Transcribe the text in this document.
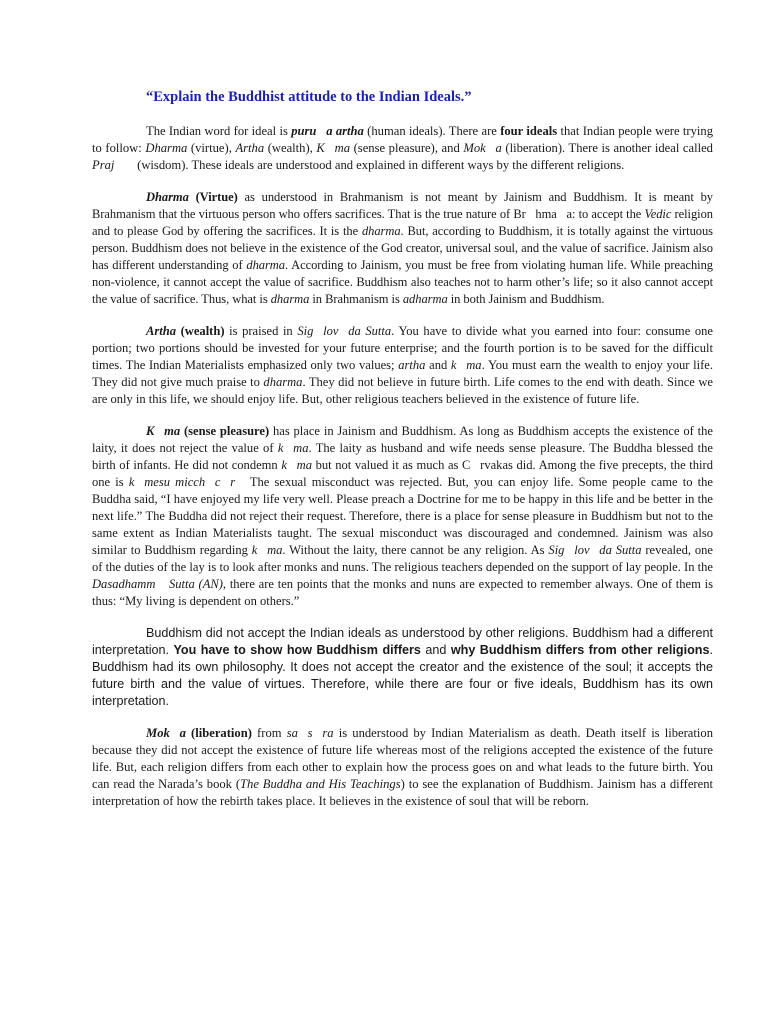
“Explain the Buddhist attitude to the Indian Ideals.”

The Indian word for ideal is puru a artha (human ideals). There are four ideals that Indian people were trying to follow: Dharma (virtue), Artha (wealth), K ma (sense pleasure), and Mok a (liberation). There is another ideal called Praj   (wisdom). These ideals are understood and explained in different ways by the different religions.

Dharma (Virtue) as understood in Brahmanism is not meant by Jainism and Buddhism. It is meant by Brahmanism that the virtuous person who offers sacrifices. That is the true nature of Br hma a: to accept the Vedic religion and to please God by offering the sacrifices. It is the dharma. But, according to Buddhism, it is totally against the virtuous person. Buddhism does not believe in the existence of the God creator, universal soul, and the value of sacrifice. Jainism also has different understanding of dharma. According to Jainism, you must be free from violating human life. While preaching non-violence, it cannot accept the value of sacrifice. Buddhism also teaches not to harm other’s life; so it also cannot accept the value of sacrifice. Thus, what is dharma in Brahmanism is adharma in both Jainism and Buddhism.

Artha (wealth) is praised in Sig lov da Sutta. You have to divide what you earned into four: consume one portion; two portions should be invested for your future enterprise; and the fourth portion is to be saved for the difficult times. The Indian Materialists emphasized only two values; artha and k ma. You must earn the wealth to enjoy your life. They did not give much praise to dharma. They did not believe in future birth. Life comes to the end with death. Since we are only in this life, we should enjoy life. But, other religious teachers believed in the existence of future life.

K ma (sense pleasure) has place in Jainism and Buddhism. As long as Buddhism accepts the existence of the laity, it does not reject the value of k ma. The laity as husband and wife needs sense pleasure. The Buddha blessed the birth of infants. He did not condemn k ma but not valued it as much as C rvakas did. Among the five precepts, the third one is k mesu micch c r  The sexual misconduct was rejected. But, you can enjoy life. Some people came to the Buddha said, “I have enjoyed my life very well. Please preach a Doctrine for me to be happy in this life and be better in the next life.” The Buddha did not reject their request. Therefore, there is a place for sense pleasure in Buddhism but not to the same extent as Indian Materialists taught. The sexual misconduct was discouraged and condemned. Jainism was also similar to Buddhism regarding k ma. Without the laity, there cannot be any religion. As Sig lov da Sutta revealed, one of the duties of the lay is to look after monks and nuns. The religious teachers depended on the support of lay people. In the Dasadhamm  Sutta (AN), there are ten points that the monks and nuns are expected to remember always. One of them is thus: “My living is dependent on others.”

Buddhism did not accept the Indian ideals as understood by other religions. Buddhism had a different interpretation. You have to show how Buddhism differs and why Buddhism differs from other religions. Buddhism had its own philosophy. It does not accept the creator and the existence of the soul; it accepts the future birth and the value of virtues. Therefore, while there are four or five ideals, Buddhism has its own interpretation.

Mok a (liberation) from sa s ra is understood by Indian Materialism as death. Death itself is liberation because they did not accept the existence of future life whereas most of the religions accepted the existence of the future life. But, each religion differs from each other to explain how the process goes on and what leads to the future birth. You can read the Narada’s book (The Buddha and His Teachings) to see the explanation of Buddhism. Jainism has a different interpretation of how the rebirth takes place. It believes in the existence of soul that will be reborn.
